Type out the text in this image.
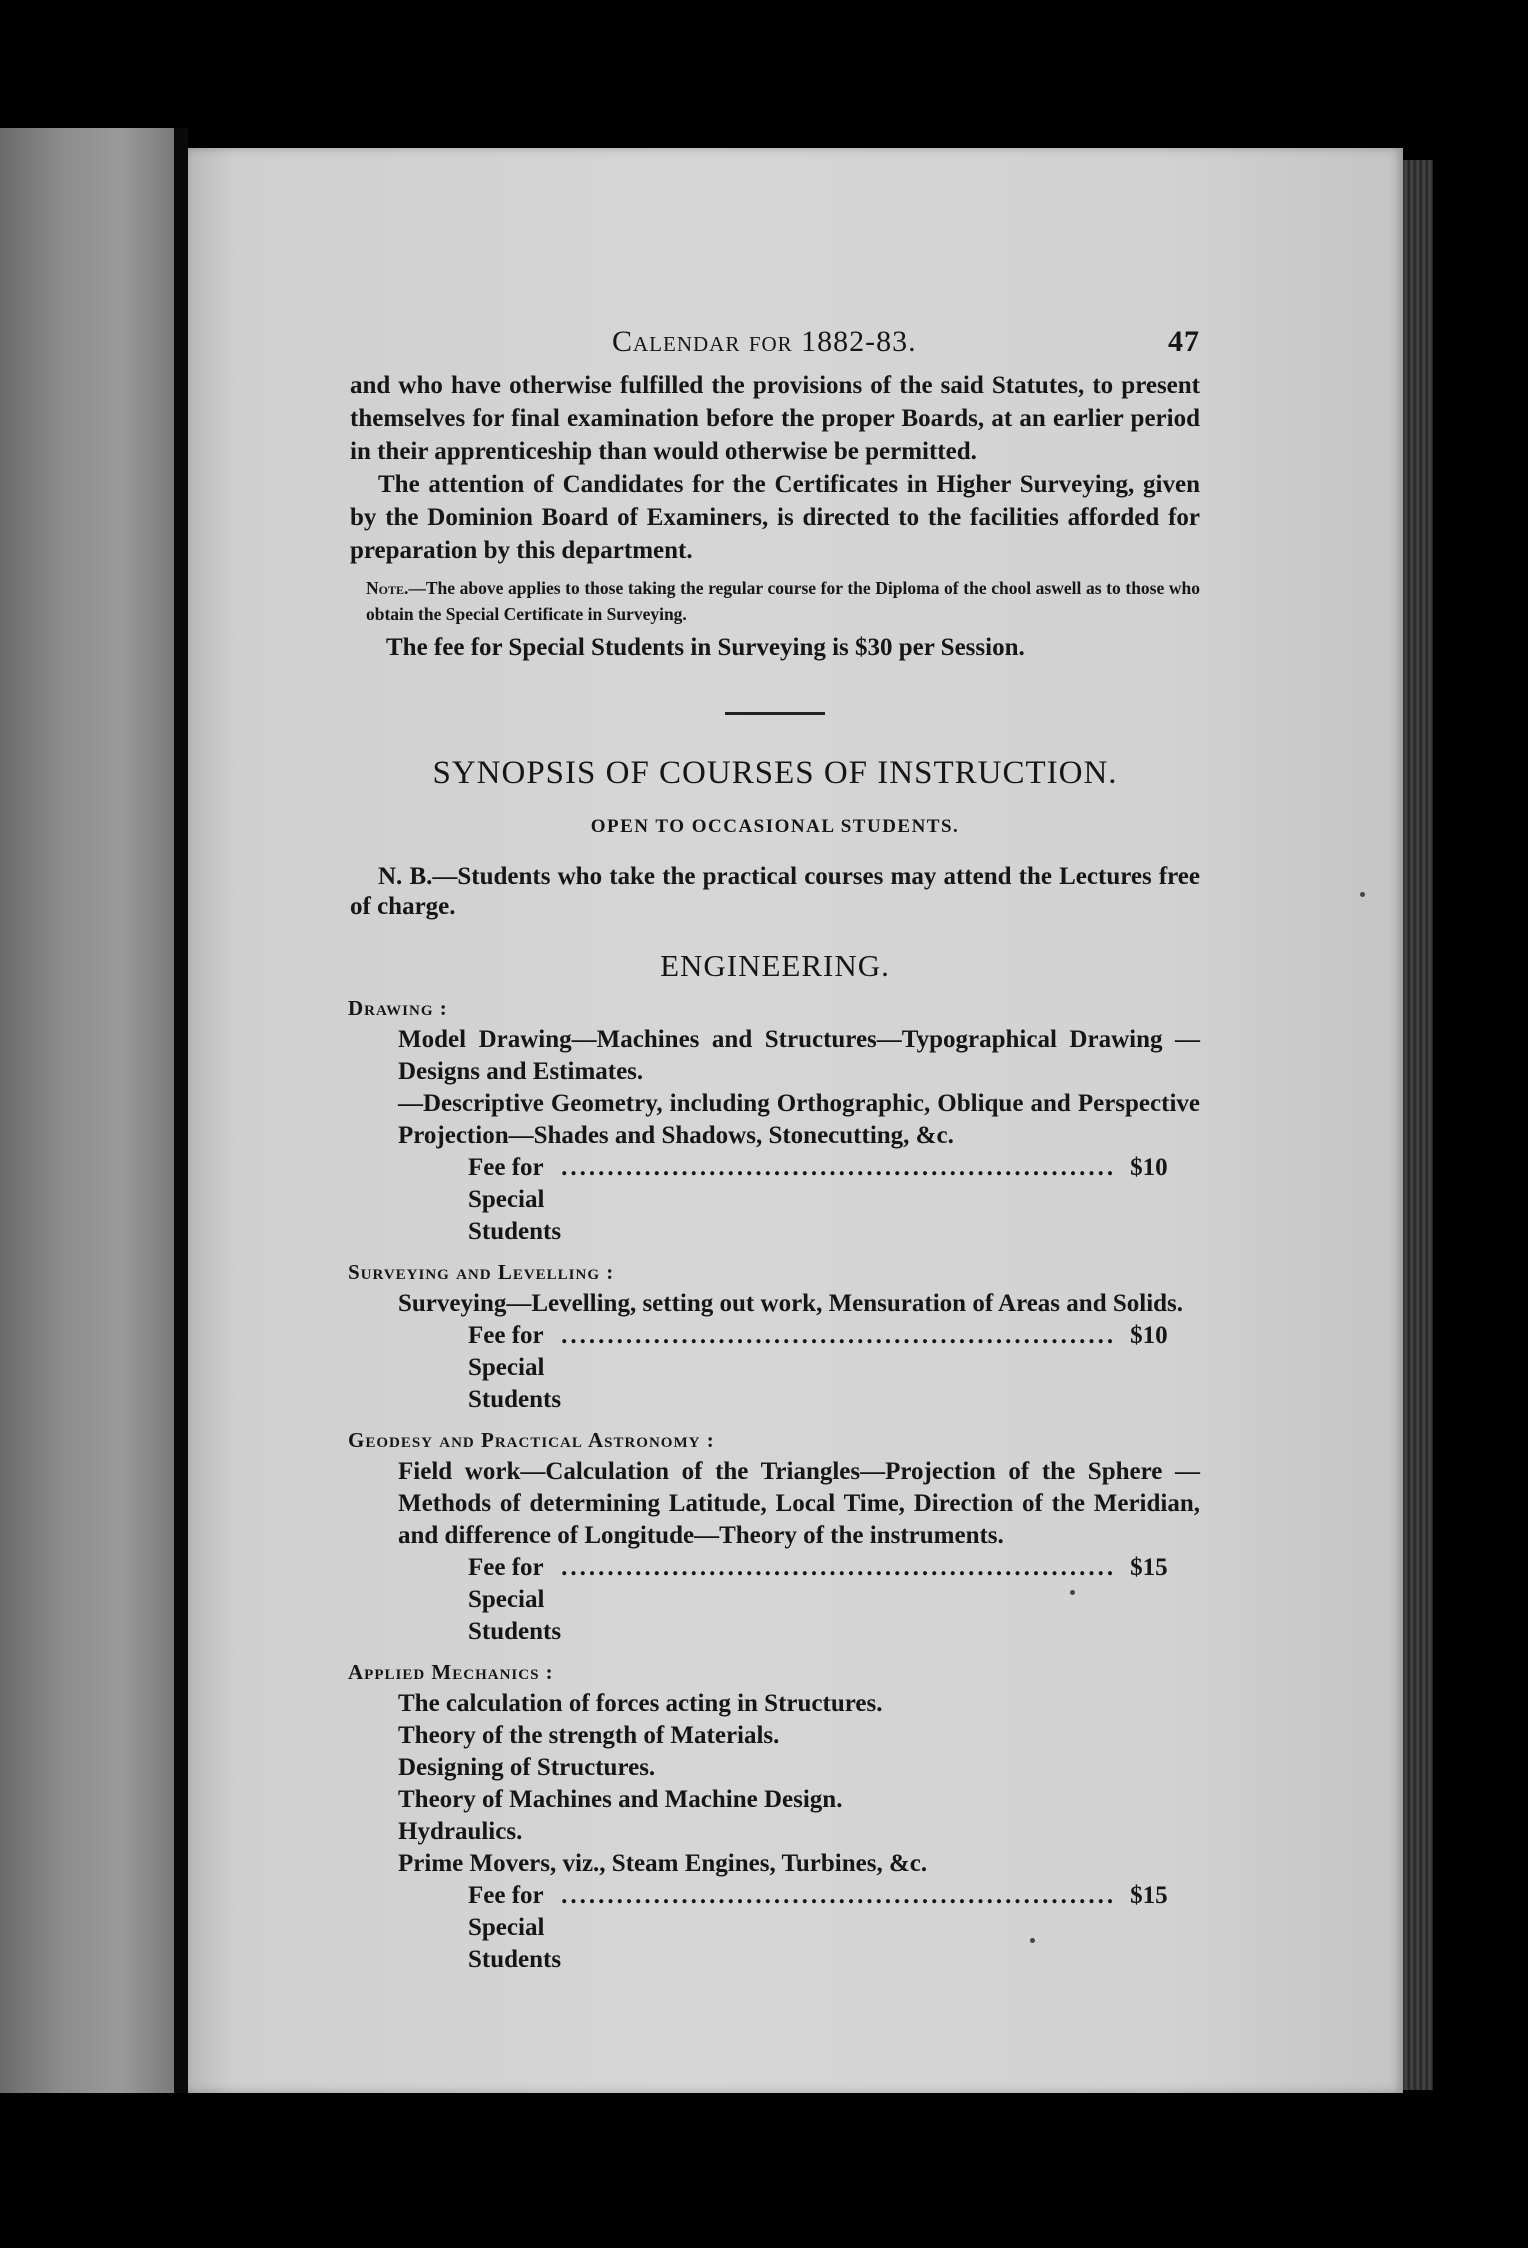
Calendar for 1882-83.	47

and who have otherwise fulfilled the provisions of the said Statutes, to present themselves for final examination before the proper Boards, at an earlier period in their apprenticeship than would otherwise be permitted.

The attention of Candidates for the Certificates in Higher Surveying, given by the Dominion Board of Examiners, is directed to the facilities afforded for preparation by this department.

Note.—The above applies to those taking the regular course for the Diploma of the chool aswell as to those who obtain the Special Certificate in Surveying.

The fee for Special Students in Surveying is $30 per Session.

SYNOPSIS OF COURSES OF INSTRUCTION.
OPEN TO OCCASIONAL STUDENTS.

N. B.—Students who take the practical courses may attend the Lectures free of charge.

ENGINEERING.
Drawing :
Model Drawing—Machines and Structures—Typographical Drawing —Designs and Estimates.
—Descriptive Geometry, including Orthographic, Oblique and Perspective Projection—Shades and Shadows, Stonecutting, &c.
Fee for Special Students
............................................................ $10
Surveying and Levelling :
Surveying—Levelling, setting out work, Mensuration of Areas and Solids.
Fee for Special Students
............................................................ $10
Geodesy and Practical Astronomy :
Field work—Calculation of the Triangles—Projection of the Sphere —Methods of determining Latitude, Local Time, Direction of the Meridian, and difference of Longitude—Theory of the instruments.
Fee for Special Students
............................................................ $15
Applied Mechanics :
The calculation of forces acting in Structures.
Theory of the strength of Materials.
Designing of Structures.
Theory of Machines and Machine Design.
Hydraulics.
Prime Movers, viz., Steam Engines, Turbines, &c.
Fee for Special Students
............................................................ $15
